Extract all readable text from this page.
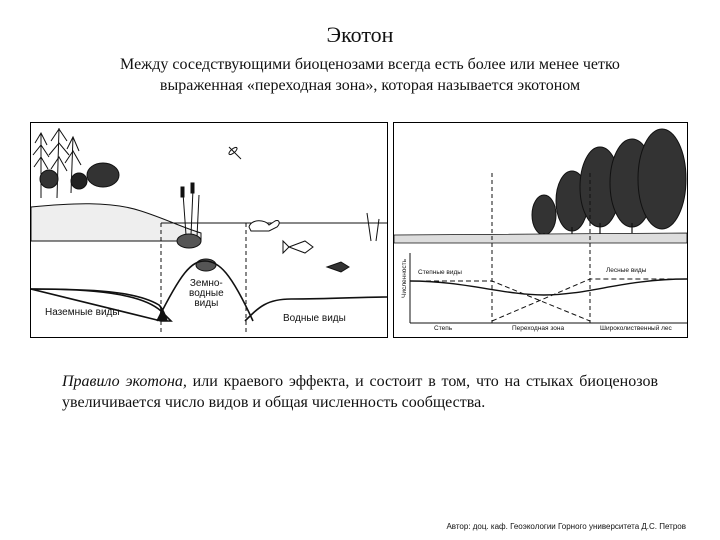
Экотон
Между соседствующими биоценозами всегда есть более или менее четко
выраженная «переходная зона», которая называется экотоном
Наземные виды
Земно-
водные
виды
Водные виды
Численность Степные виды	Лесные виды
Степь	Переходная зона	Широколиственный лес
Правило экотона, или краевого эффекта, и состоит в том, что на стыках биоценозов увеличивается число видов и общая численность сообщества.
Автор: доц. каф. Геоэкологии Горного университета Д.С. Петров
